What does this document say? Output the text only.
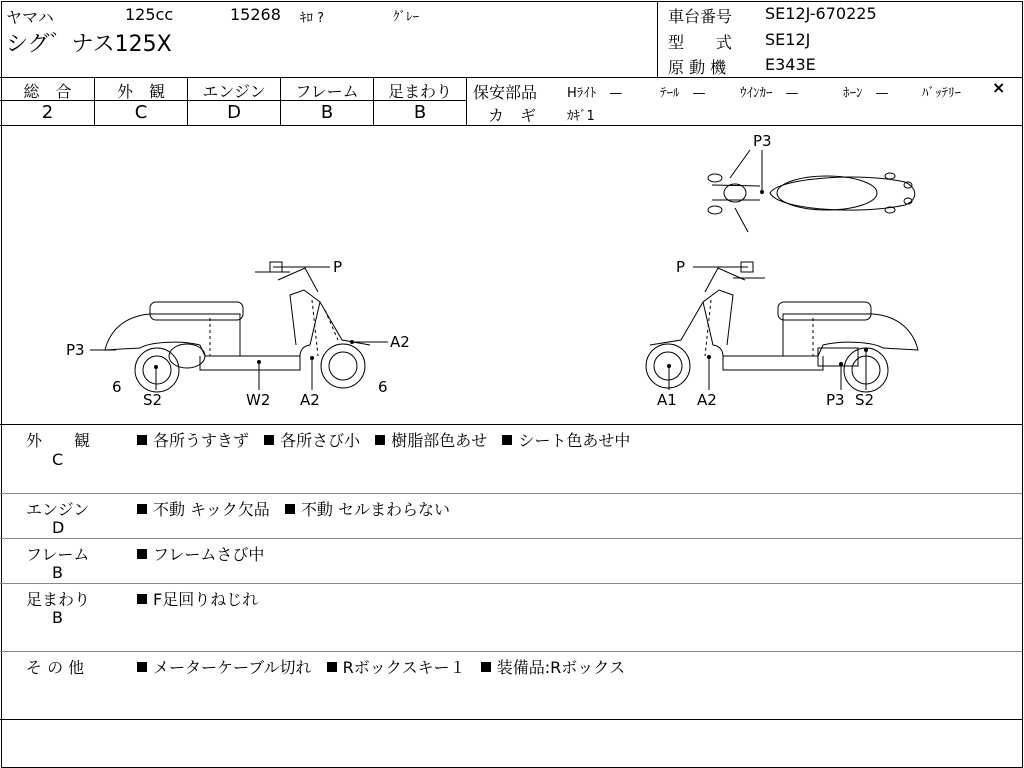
ヤマハ	125cc	15268 ｷﾛ ?	ｸﾞﾚｰ
シグ゛ナス125X
車台番号 SE12J-670225
型　　式 SE12J
原 動 機 E343E
総　合
2
外　観
C
エンジン
D
フレーム
B
足まわり
B
保安部品 Hﾗｲﾄ　—	ﾃｰﾙ　—	ｳｲﾝｶｰ　—	ﾎｰﾝ　—	ﾊﾞｯﾃﾘｰ ×
カ　ギ ｶｷﾞ1
P3
P
P3	A2
6	6
S2	W2 A2
P
A1 A2	P3 S2
外　　観
C
各所うすきず 各所さび小 樹脂部色あせ シート色あせ中
エンジン
D
不動 キック欠品 不動 セルまわらない
フレーム
B
フレームさび中
足まわり
B
F足回りねじれ
そ の 他	メーターケーブル切れ Rボックスキー１ 装備品:Rボックス
